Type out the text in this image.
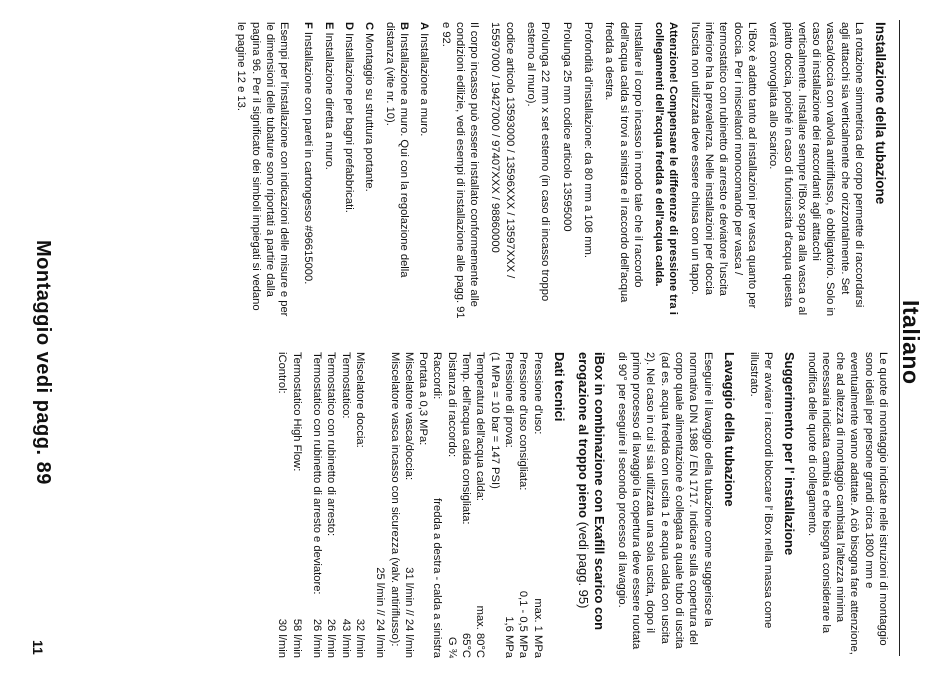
Italiano
Installazione della tubazione

La rotazione simmetrica del corpo permette di raccordarsi agli attacchi sia verticalmente che orizzontalmente. Set vasca/doccia con valvola antiriflusso, è obbligatorio. Solo in caso di installazione dei raccordanti agli attacchi verticalmente. Installare sempre l'iBox sopra alla vasca o al piatto doccia, poiché in caso di fuoriuscita d'acqua questa verrà convogliata allo scarico.

L'iBox è adatto tanto ad installazioni per vasca quanto per doccia. Per i miscelatori monocomando per vasca / termostatico con rubinetto di arresto e deviatore l'uscita inferiore ha la prevalenza. Nelle installazioni per doccia l'uscita non utilizzata deve essere chiusa con un tappo.

Attenzione! Compensare le differenze di pressione tra i collegamenti dell'acqua fredda e dell'acqua calda.

Installare il corpo incasso in modo tale che il raccordo dell'acqua calda si trovi a sinistra e il raccordo dell'acqua fredda a destra.

Profondità d'installazione: da 80 mm a 108 mm.

Prolunga 25 mm codice articolo 13595000

Prolunga 22 mm x set esterno (in caso di incasso troppo esterno al muro).

codice articolo 13593000 / 13596XXX / 13597XXX / 15597000 / 19427000 / 97407XXX / 98860000

Il corpo incasso può essere installato conformemente alle condizioni edilizie, vedi esempi di installazione alle pagg. 91 e 92.

AInstallazione a muro.
BInstallazione a muro. Qui con la regolazione della distanza (vite nr. 10).
CMontaggio su struttura portante.
DInstallazione per bagni prefabbricati.
EInstallazione diretta a muro.
FInstallazione con pareti in cartongesso #96615000.

Esempi per l'installazione con indicazioni delle misure e per le dimensioni delle tubature sono riportati a partire dalla pagina 96. Per il significato dei simboli impiegati si vedano le pagine 12 e 13.

Le quote di montaggio indicate nelle istruzioni di montaggio sono ideali per persone grandi circa 1800 mm e eventualmente vanno adattate. A ciò bisogna fare attenzione, che ad altezza di montaggio cambiata l'altezza minima necessaria indicata cambia e che bisogna considerare la modifica delle quote di collegamento.

Suggerimento per l' installazione

Per avviare i raccordi bloccare l' iBox nella massa come illustrato.

Lavaggio della tubazione

Eseguire il lavaggio della tubazione come suggerisce la normativa DIN 1988 / EN 1717. Indicare sulla copertura del corpo quale alimentazione è collegata a quale tubo di uscita (ad es. acqua fredda con uscita 1 e acqua calda con uscita 2). Nel caso in cui si sia utilizzata una sola uscita, dopo il primo processo di lavaggio la copertura deve essere ruotata di 90° per eseguire il secondo processo di lavaggio.

iBox in combinazione con Exafill scarico con erogazione al troppo pieno (vedi pagg. 95)
Dati tecnici
Pressione d'uso:
max. 1 MPa
Pressione d'uso consigliata:
0,1 - 0,5 MPa
Pressione di prova:
1,6 MPa
(1 MPa = 10 bar = 147 PSI)
Temperatura dell'acqua calda:
max. 80°C
Temp. dell'acqua calda consigliata:
65°C
Distanza di raccordo:
G ¾
Raccordi:
fredda a destra - calda a sinistra
Portata a 0,3 MPa:
Miscelatore vasca/doccia:
31 l/min // 24 l/min
Miscelatore vasca incasso con sicurezza (valv. antiriflusso):
25 l/min // 24 l/min
Miscelatore doccia:
32 l/min
Termostatico:
43 l/min
Termostatico con rubinetto di arresto:
26 l/min
Termostatico con rubinetto di arresto e deviatore:
26 l/min
Termostatico High Flow:
58 l/min
iControl:
30 l/min
Montaggio vedi pagg. 89
11
